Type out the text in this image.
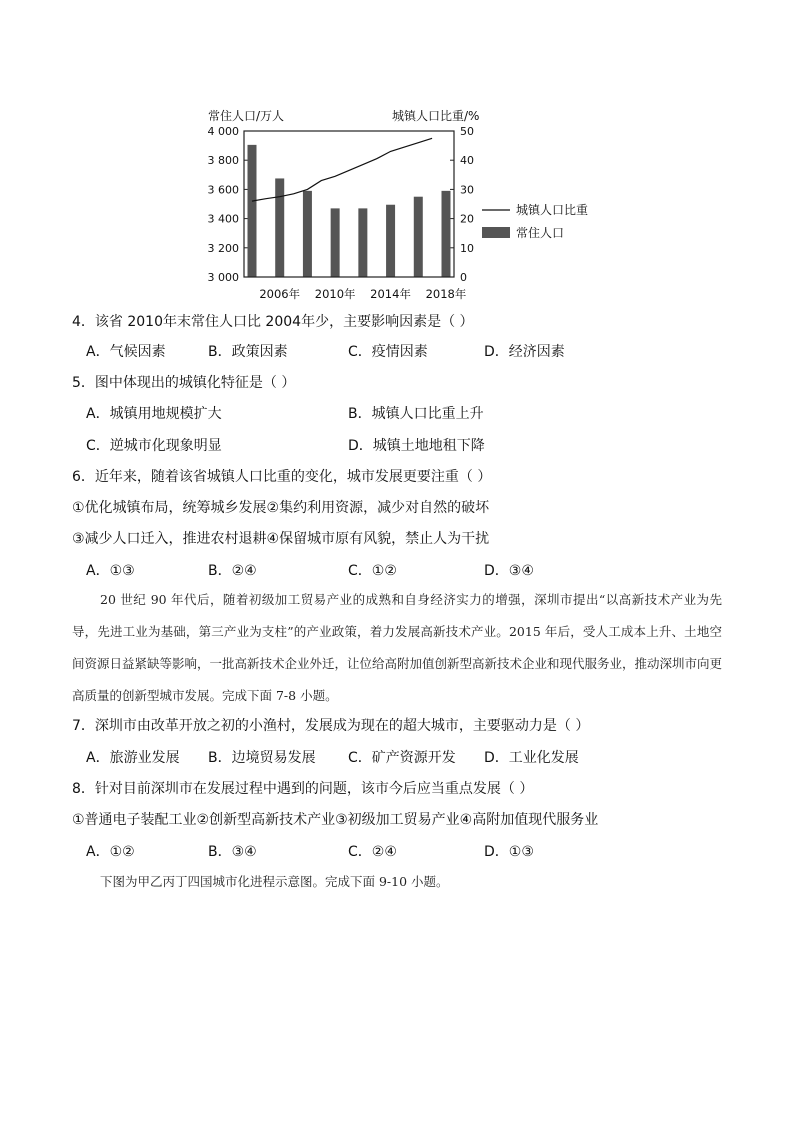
常住人口/万人	城镇人口比重/%
4 000
3 800
3 600
3 400
3 200
3 000
50
40
30
20
10
0
2006年 2010年 2014年 2018年
城镇人口比重
常住人口
4．该省 2010年末常住人口比 2004年少，主要影响因素是（ ）
A．气候因素	B．政策因素	C．疫情因素	D．经济因素
5．图中体现出的城镇化特征是（ ）
A．城镇用地规模扩大	B．城镇人口比重上升
C．逆城市化现象明显	D．城镇土地地租下降
6．近年来，随着该省城镇人口比重的变化，城市发展更要注重（ ）
①优化城镇布局，统筹城乡发展②集约利用资源，减少对自然的破坏
③减少人口迁入，推进农村退耕④保留城市原有风貌，禁止人为干扰
A．①③	B．②④	C．①②	D．③④

20 世纪 90 年代后，随着初级加工贸易产业的成熟和自身经济实力的增强，深圳市提出“以高新技术产业为先导，先进工业为基础，第三产业为支柱”的产业政策，着力发展高新技术产业。2015 年后，受人工成本上升、土地空间资源日益紧缺等影响，一批高新技术企业外迁，让位给高附加值创新型高新技术企业和现代服务业，推动深圳市向更高质量的创新型城市发展。完成下面 7-8 小题。

7．深圳市由改革开放之初的小渔村，发展成为现在的超大城市，主要驱动力是（ ）
A．旅游业发展 B．边境贸易发展 C．矿产资源开发 D．工业化发展
8．针对目前深圳市在发展过程中遇到的问题，该市今后应当重点发展（ ）
①普通电子装配工业②创新型高新技术产业③初级加工贸易产业④高附加值现代服务业
A．①②	B．③④	C．②④	D．①③

下图为甲乙丙丁四国城市化进程示意图。完成下面 9-10 小题。
